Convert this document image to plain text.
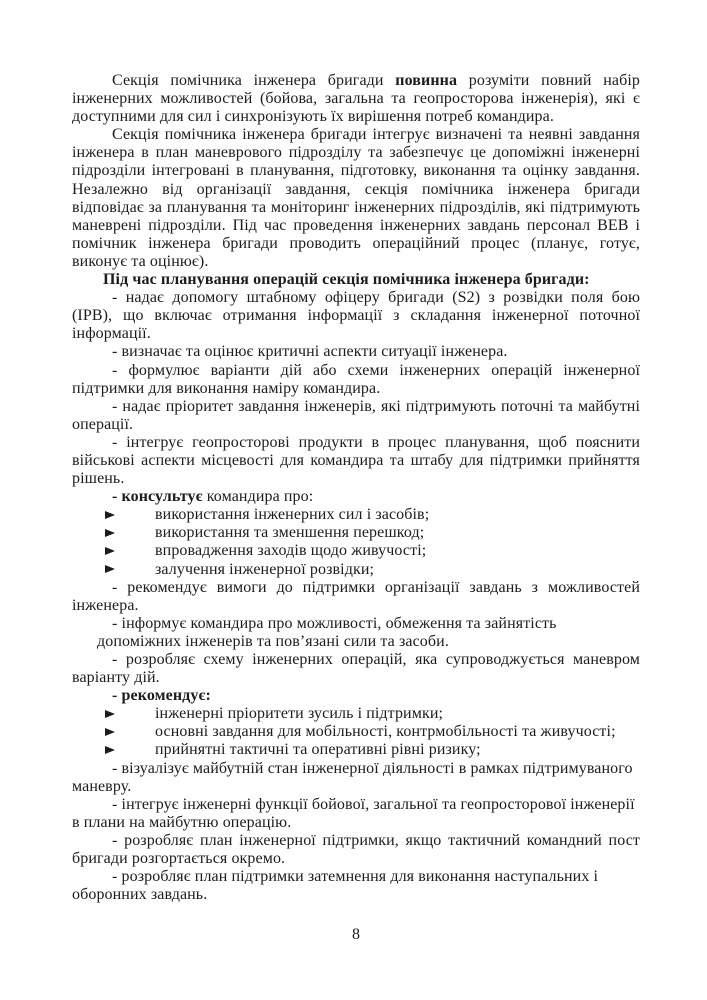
Секція помічника інженера бригади повинна розуміти повний набір інженерних можливостей (бойова, загальна та геопросторова інженерія), які є доступними для сил і синхронізують їх вирішення потреб командира.

Секція помічника інженера бригади інтегрує визначені та неявні завдання інженера в план маневрового підрозділу та забезпечує це допоміжні інженерні підрозділи інтегровані в планування, підготовку, виконання та оцінку завдання. Незалежно від організації завдання, секція помічника інженера бригади відповідає за планування та моніторинг інженерних підрозділів, які підтримують маневрені підрозділи. Під час проведення інженерних завдань персонал BEB і помічник інженера бригади проводить операційний процес (планує, готує, виконує та оцінює).

Під час планування операцій секція помічника інженера бригади:

- надає допомогу штабному офіцеру бригади (S2) з розвідки поля бою (IPB), що включає отримання інформації з складання інженерної поточної інформації.

- визначає та оцінює критичні аспекти ситуації інженера.

- формулює варіанти дій або схеми інженерних операцій інженерної підтримки для виконання наміру командира.

- надає пріоритет завдання інженерів, які підтримують поточні та майбутні операції.

- інтегрує геопросторові продукти в процес планування, щоб пояснити військові аспекти місцевості для командира та штабу для підтримки прийняття рішень.

- консультує командира про:

використання інженерних сил і засобів;

використання та зменшення перешкод;

впровадження заходів щодо живучості;

залучення інженерної розвідки;

- рекомендує вимоги до підтримки організації завдань з можливостей інженера.

- інформує командира про можливості, обмеження та зайнятість
допоміжних інженерів та пов’язані сили та засоби.

- розробляє схему інженерних операцій, яка супроводжується маневром варіанту дій.

- рекомендує:

інженерні пріоритети зусиль і підтримки;

основні завдання для мобільності, контрмобільності та живучості;

прийнятні тактичні та оперативні рівні ризику;

- візуалізує майбутній стан інженерної діяльності в рамках підтримуваного маневру.

- інтегрує інженерні функції бойової, загальної та геопросторової інженерії в плани на майбутню операцію.

- розробляє план інженерної підтримки, якщо тактичний командний пост бригади розгортається окремо.

- розробляє план підтримки затемнення для виконання наступальних і оборонних завдань.

8
